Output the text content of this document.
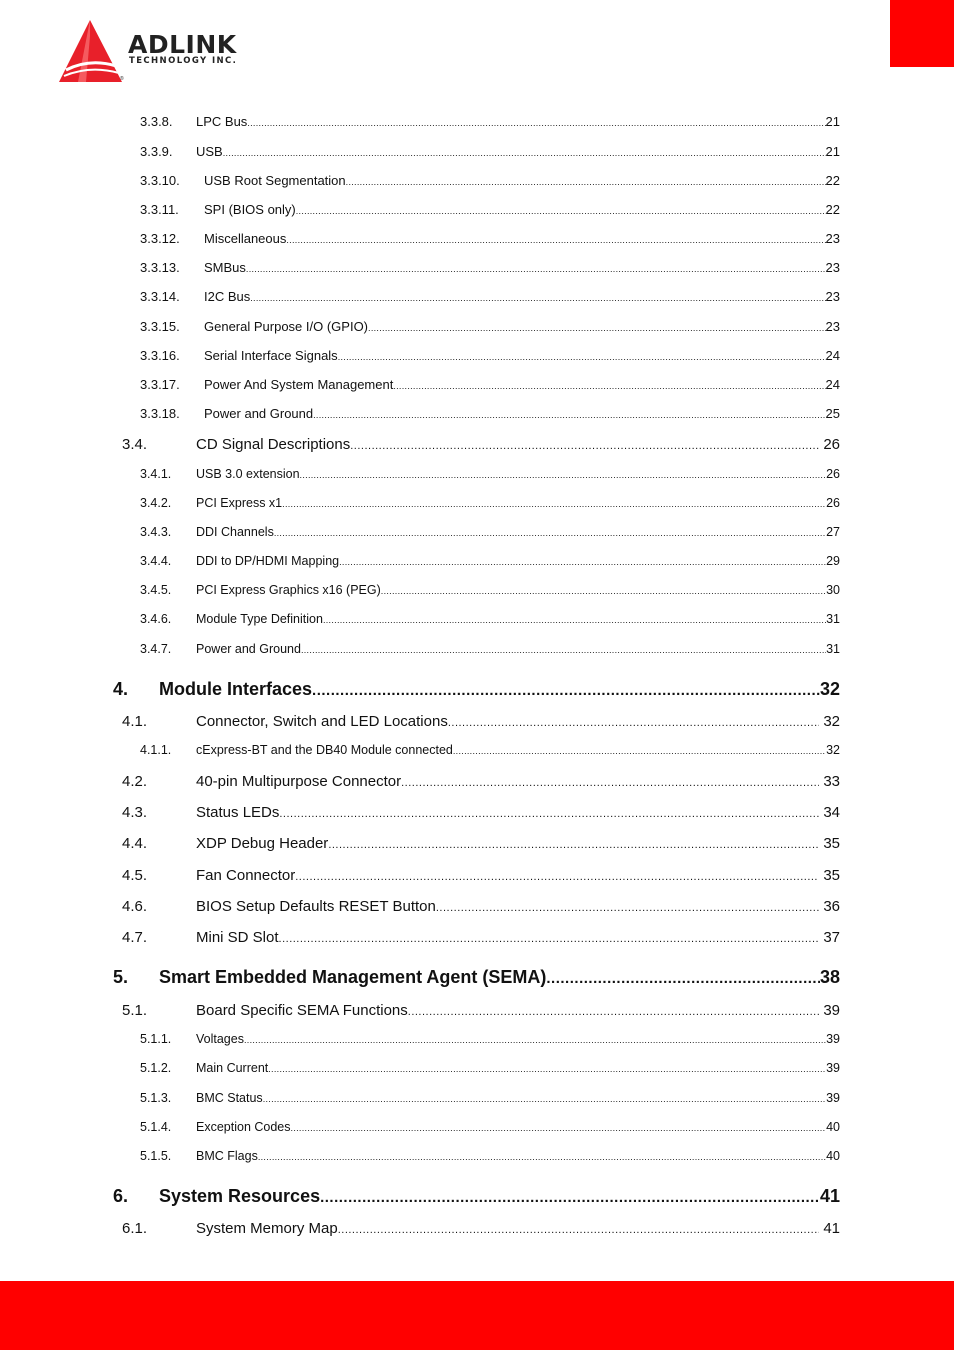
ADLINK
TECHNOLOGY INC.
®
3.3.8.	LPC Bus .....	21
3.3.9.	USB .....	21
3.3.10.	USB Root Segmentation .....	22
3.3.11.	SPI (BIOS only) .....	22
3.3.12.	Miscellaneous .....	23
3.3.13.	SMBus .....	23
3.3.14.	I2C Bus .....	23
3.3.15.	General Purpose I/O (GPIO) .....	23
3.3.16.	Serial Interface Signals .....	24
3.3.17.	Power And System Management .....	24
3.3.18.	Power and Ground .....	25
3.4.	CD Signal Descriptions .....	26
3.4.1.	USB 3.0 extension .....	26
3.4.2.	PCI Express x1 .....	26
3.4.3.	DDI Channels .....	27
3.4.4.	DDI to DP/HDMI Mapping .....	29
3.4.5.	PCI Express Graphics x16 (PEG) .....	30
3.4.6.	Module Type Definition .....	31
3.4.7.	Power and Ground .....	31
4.	Module Interfaces .....	32
4.1.	Connector, Switch and LED Locations .....	32
4.1.1.	cExpress-BT and the DB40 Module connected .....	32
4.2.	40-pin Multipurpose Connector .....	33
4.3.	Status LEDs .....	34
4.4.	XDP Debug Header .....	35
4.5.	Fan Connector .....	35
4.6.	BIOS Setup Defaults RESET Button .....	36
4.7.	Mini SD Slot .....	37
5.	Smart Embedded Management Agent (SEMA) .....	38
5.1.	Board Specific SEMA Functions .....	39
5.1.1.	Voltages .....	39
5.1.2.	Main Current .....	39
5.1.3.	BMC Status .....	39
5.1.4.	Exception Codes .....	40
5.1.5.	BMC Flags .....	40
6.	System Resources .....	41
6.1.	System Memory Map .....	41
